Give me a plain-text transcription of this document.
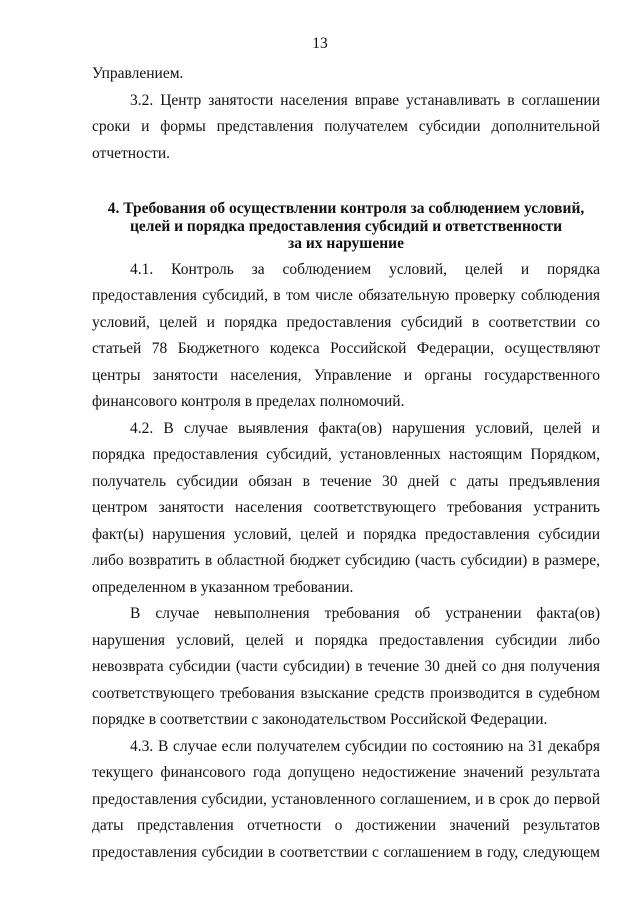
13

Управлением.

3.2. Центр занятости населения вправе устанавливать в соглашении сроки и формы представления получателем субсидии дополнительной отчетности.

4. Требования об осуществлении контроля за соблюдением условий,
целей и порядка предоставления субсидий и ответственности
за их нарушение

4.1. Контроль за соблюдением условий, целей и порядка предоставления субсидий, в том числе обязательную проверку соблюдения условий, целей и порядка предоставления субсидий в соответствии со статьей 78 Бюджетного кодекса Российской Федерации, осуществляют центры занятости населения, Управление и органы государственного финансового контроля в пределах полномочий.

4.2. В случае выявления факта(ов) нарушения условий, целей и порядка предоставления субсидий, установленных настоящим Порядком, получатель субсидии обязан в течение 30 дней с даты предъявления центром занятости населения соответствующего требования устранить факт(ы) нарушения условий, целей и порядка предоставления субсидии либо возвратить в областной бюджет субсидию (часть субсидии) в размере, определенном в указанном требовании.

В случае невыполнения требования об устранении факта(ов) нарушения условий, целей и порядка предоставления субсидии либо невозврата субсидии (части субсидии) в течение 30 дней со дня получения соответствующего требования взыскание средств производится в судебном порядке в соответствии с законодательством Российской Федерации.

4.3. В случае если получателем субсидии по состоянию на 31 декабря текущего финансового года допущено недостижение значений результата предоставления субсидии, установленного соглашением, и в срок до первой даты представления отчетности о достижении значений результатов предоставления субсидии в соответствии с соглашением в году, следующем
